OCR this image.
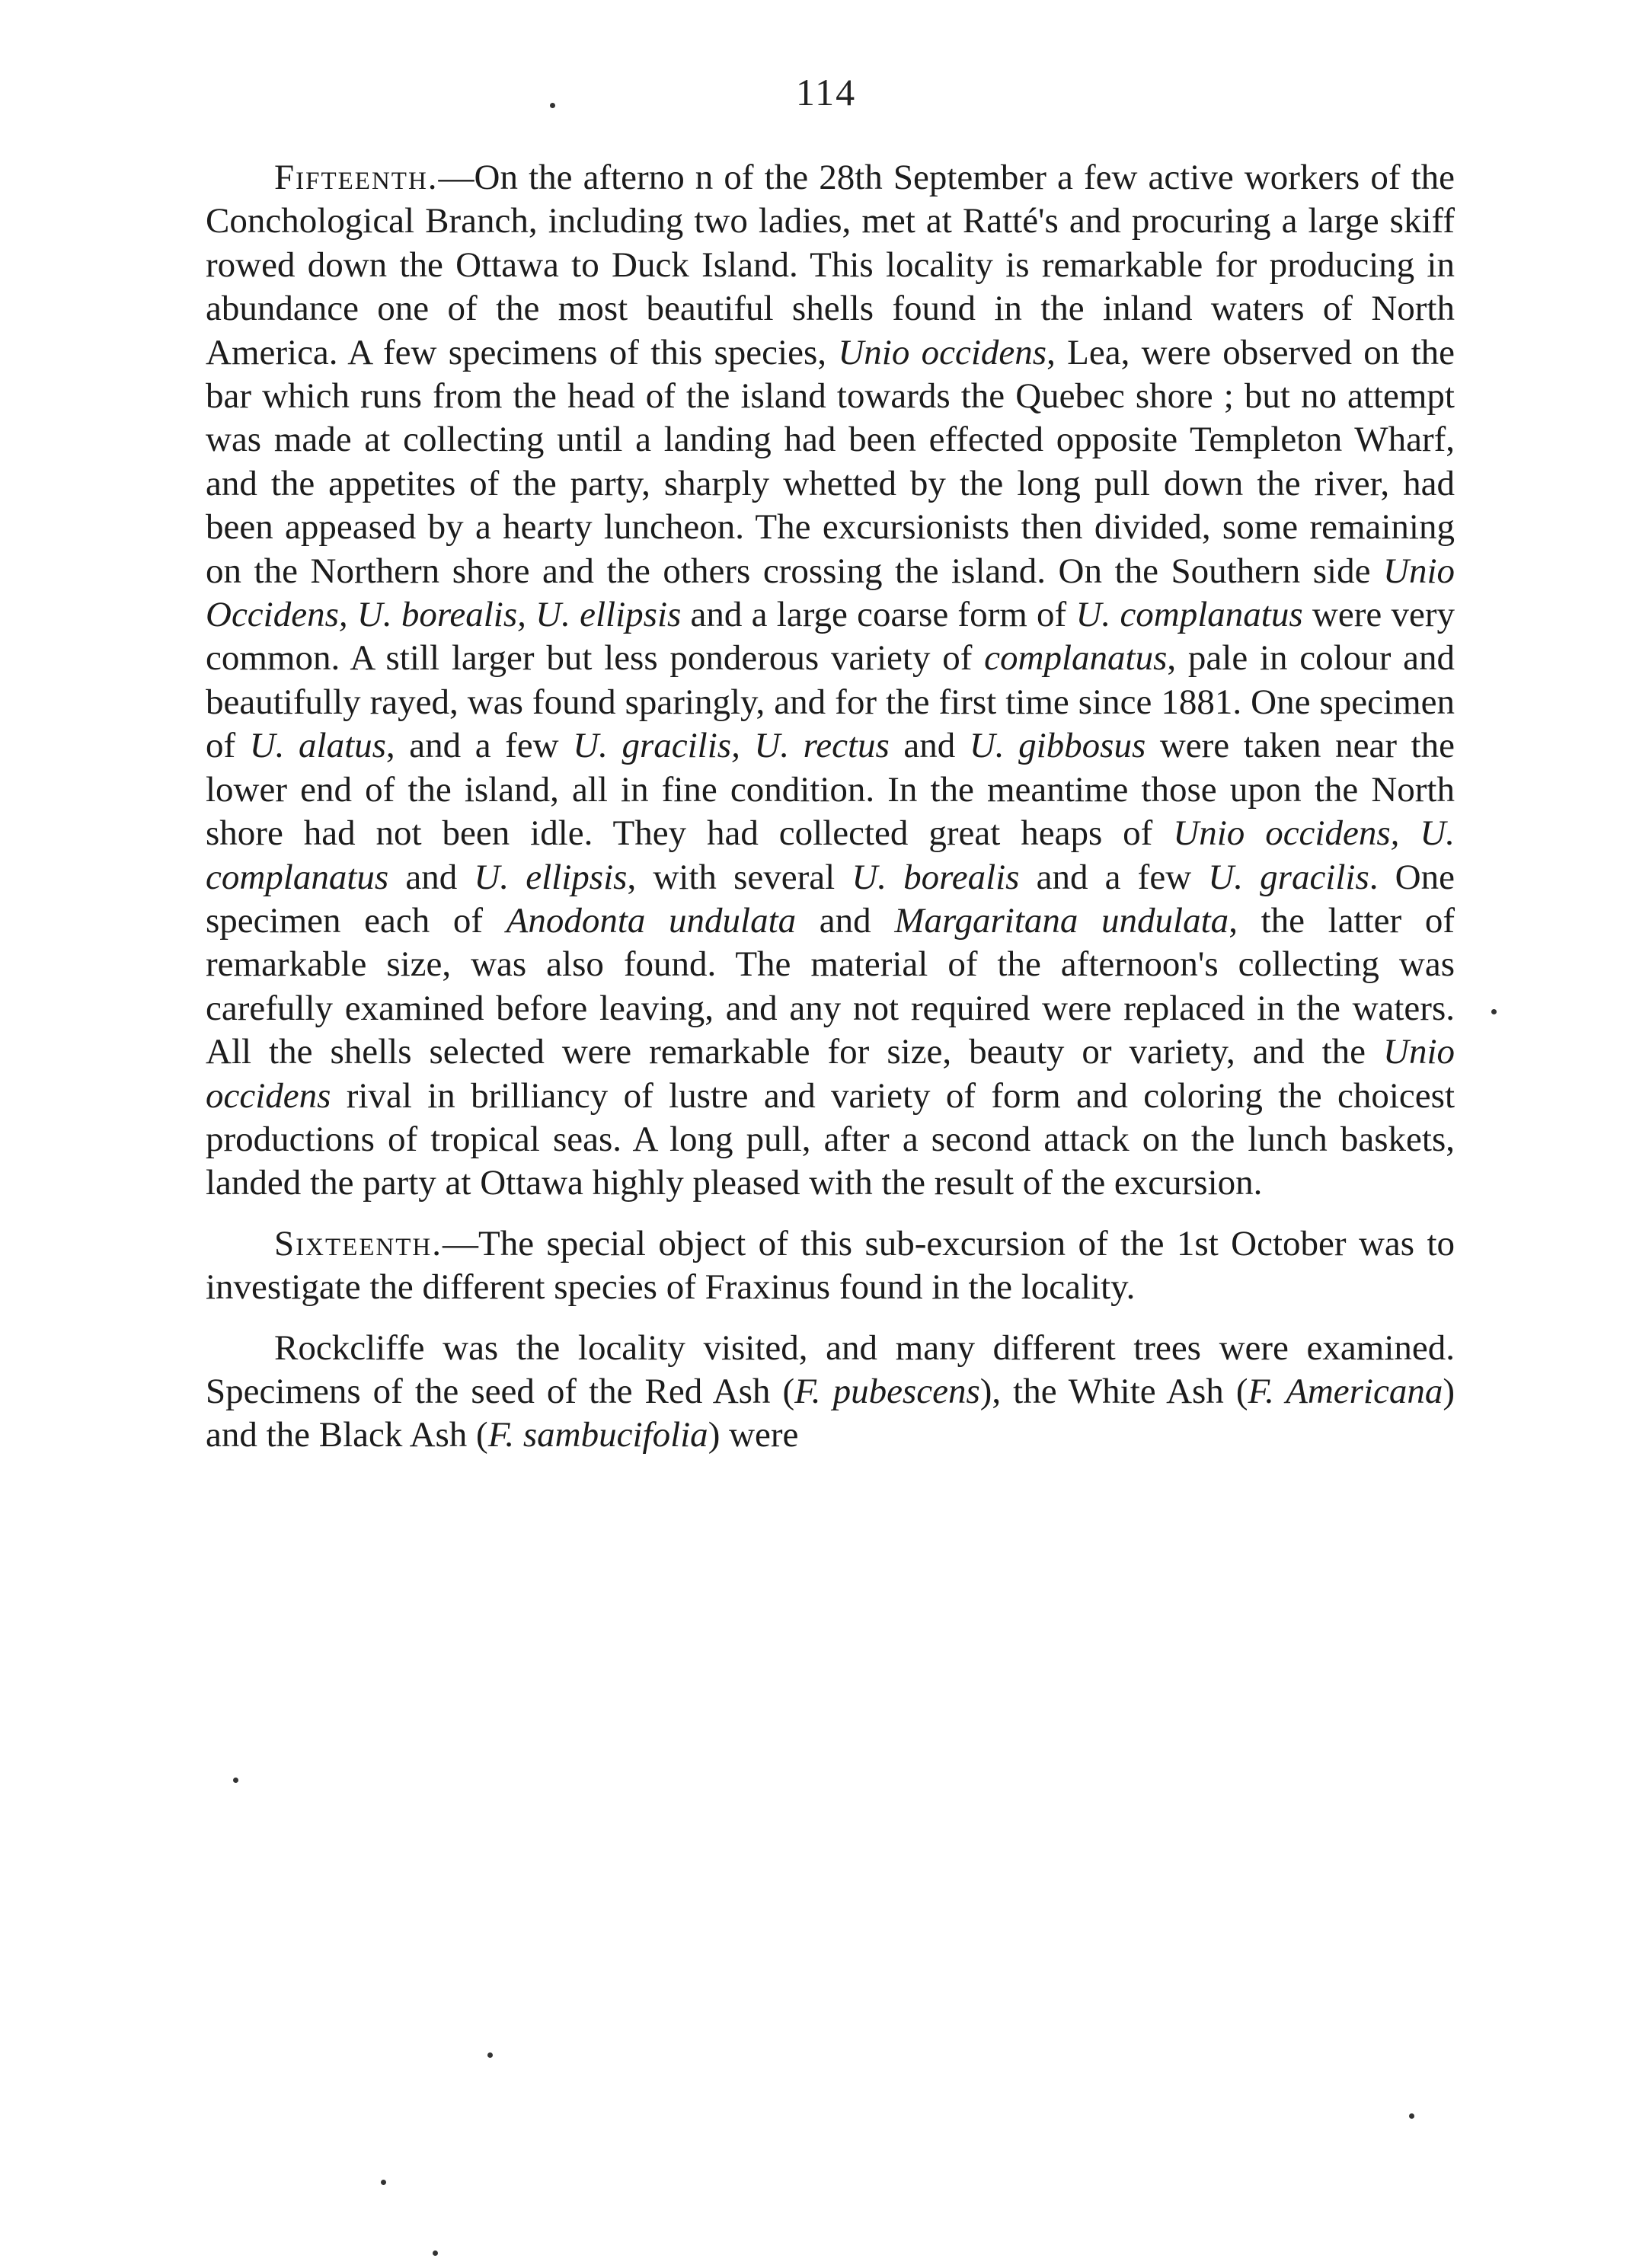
114

Fifteenth.—On the afterno n of the 28th September a few active workers of the Conchological Branch, including two ladies, met at Ratté's and procuring a large skiff rowed down the Ottawa to Duck Island. This locality is remarkable for producing in abundance one of the most beautiful shells found in the inland waters of North America. A few specimens of this species, Unio occidens, Lea, were observed on the bar which runs from the head of the island towards the Quebec shore ; but no attempt was made at collecting until a landing had been effected opposite Templeton Wharf, and the appetites of the party, sharply whetted by the long pull down the river, had been appeased by a hearty luncheon. The excursionists then divided, some remaining on the Northern shore and the others crossing the island. On the Southern side Unio Occidens, U. borealis, U. ellipsis and a large coarse form of U. complanatus were very common. A still larger but less ponderous variety of complanatus, pale in colour and beautifully rayed, was found sparingly, and for the first time since 1881. One specimen of U. alatus, and a few U. gracilis, U. rectus and U. gibbosus were taken near the lower end of the island, all in fine condition. In the meantime those upon the North shore had not been idle. They had collected great heaps of Unio occidens, U. complanatus and U. ellipsis, with several U. borealis and a few U. gracilis. One specimen each of Anodonta undulata and Margaritana undulata, the latter of remarkable size, was also found. The material of the afternoon's collecting was carefully examined before leaving, and any not required were replaced in the waters. All the shells selected were remarkable for size, beauty or variety, and the Unio occidens rival in brilliancy of lustre and variety of form and coloring the choicest productions of tropical seas. A long pull, after a second attack on the lunch baskets, landed the party at Ottawa highly pleased with the result of the excursion.

Sixteenth.—The special object of this sub-excursion of the 1st October was to investigate the different species of Fraxinus found in the locality.

Rockcliffe was the locality visited, and many different trees were examined. Specimens of the seed of the Red Ash (F. pubescens), the White Ash (F. Americana) and the Black Ash (F. sambucifolia) were
